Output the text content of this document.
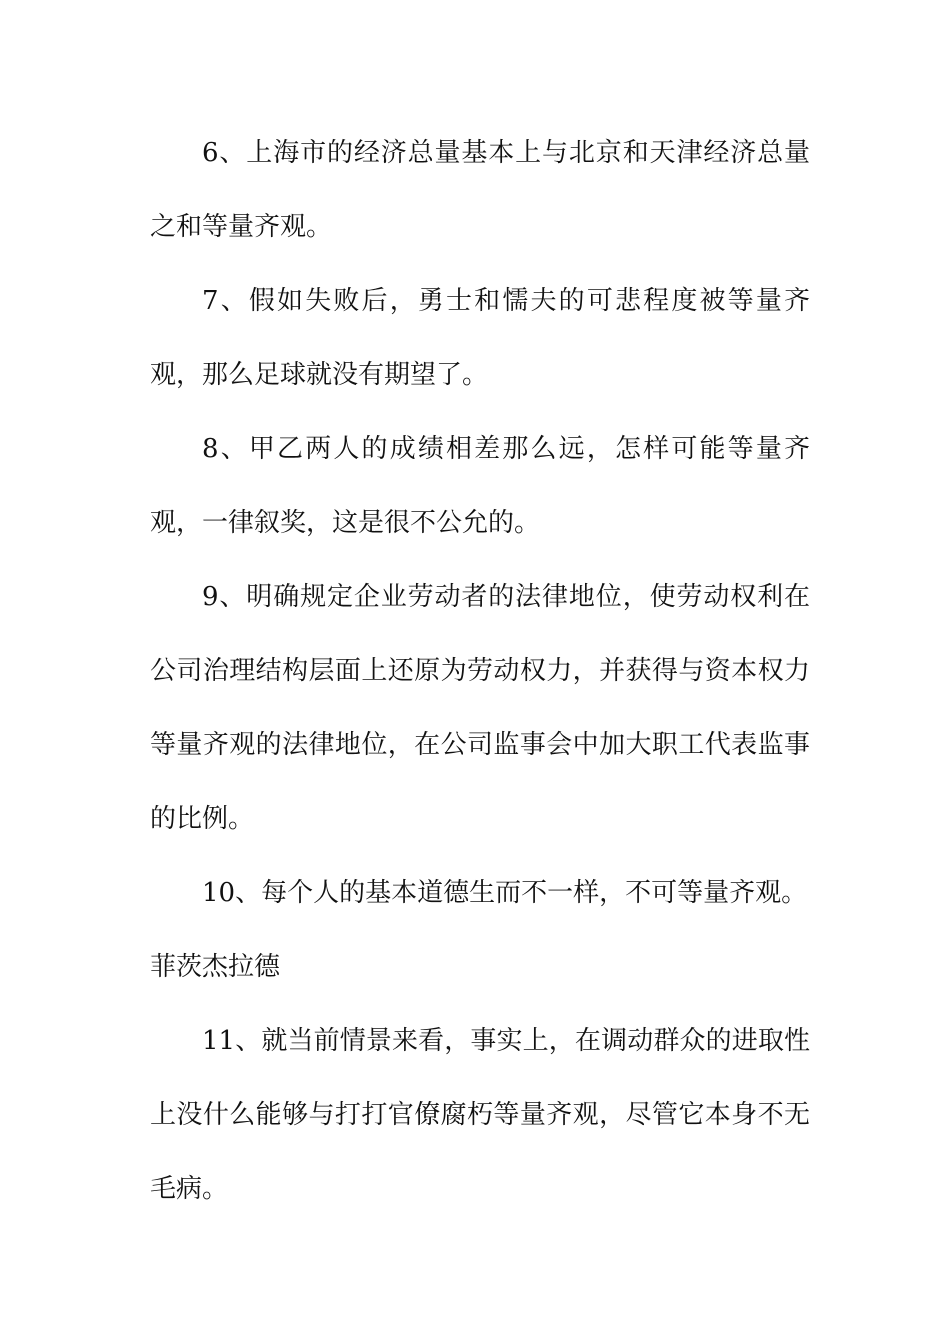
6、上海市的经济总量基本上与北京和天津经济总量之和等量齐观。

7、假如失败后，勇士和懦夫的可悲程度被等量齐观，那么足球就没有期望了。

8、甲乙两人的成绩相差那么远，怎样可能等量齐观，一律叙奖，这是很不公允的。

9、明确规定企业劳动者的法律地位，使劳动权利在公司治理结构层面上还原为劳动权力，并获得与资本权力等量齐观的法律地位，在公司监事会中加大职工代表监事的比例。

10、每个人的基本道德生而不一样，不可等量齐观。

菲茨杰拉德

11、就当前情景来看，事实上，在调动群众的进取性上没什么能够与打打官僚腐朽等量齐观，尽管它本身不无毛病。
